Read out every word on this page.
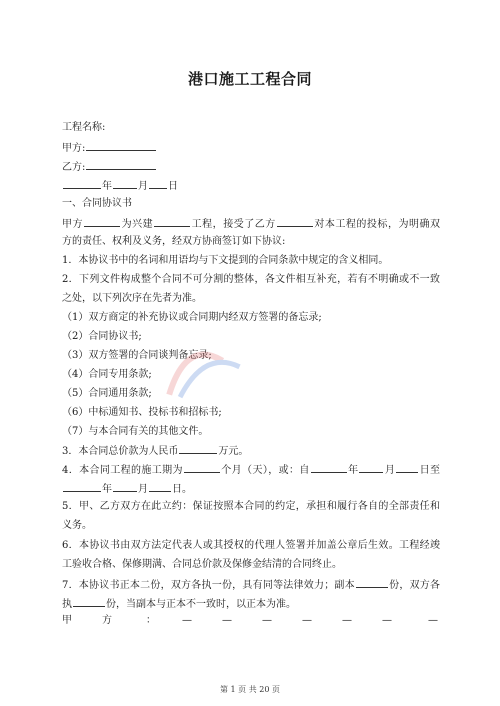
港口施工工程合同
工程名称:
甲方:
乙方:
年	月 日
一、合同协议书
甲方	为兴建	工程，接受了乙方	对本工程的投标，为明确双
方的责任、权利及义务，经双方协商签订如下协议:
1．本协议书中的名词和用语均与下文提到的合同条款中规定的含义相同。
2．下列文件构成整个合同不可分割的整体，各文件相互补充，若有不明确或不一致
之处，以下列次序在先者为准。
（1）双方商定的补充协议或合同期内经双方签署的备忘录;
（2）合同协议书;
（3）双方签署的合同谈判备忘录;
（4）合同专用条款;
（5）合同通用条款;
（6）中标通知书、投标书和招标书;
（7）与本合同有关的其他文件。
3．本合同总价款为人民币	万元。
4．本合同工程的施工期为	个月（天），或：自	年	月 日至
年	月 日。
5．甲、乙方双方在此立约：保证按照本合同的约定，承担和履行各自的全部责任和
义务。
6．本协议书由双方法定代表人或其授权的代理人签署并加盖公章后生效。工程经竣
工验收合格、保修期满、合同总价款及保修金结清的合同终止。
7．本协议书正本二份，双方各执一份，具有同等法律效力；副本	份，双方各
执	份，当副本与正本不一致时，以正本为准。
甲	方	：	—	—	—	—	—	—	—
第 1 页 共 20 页
